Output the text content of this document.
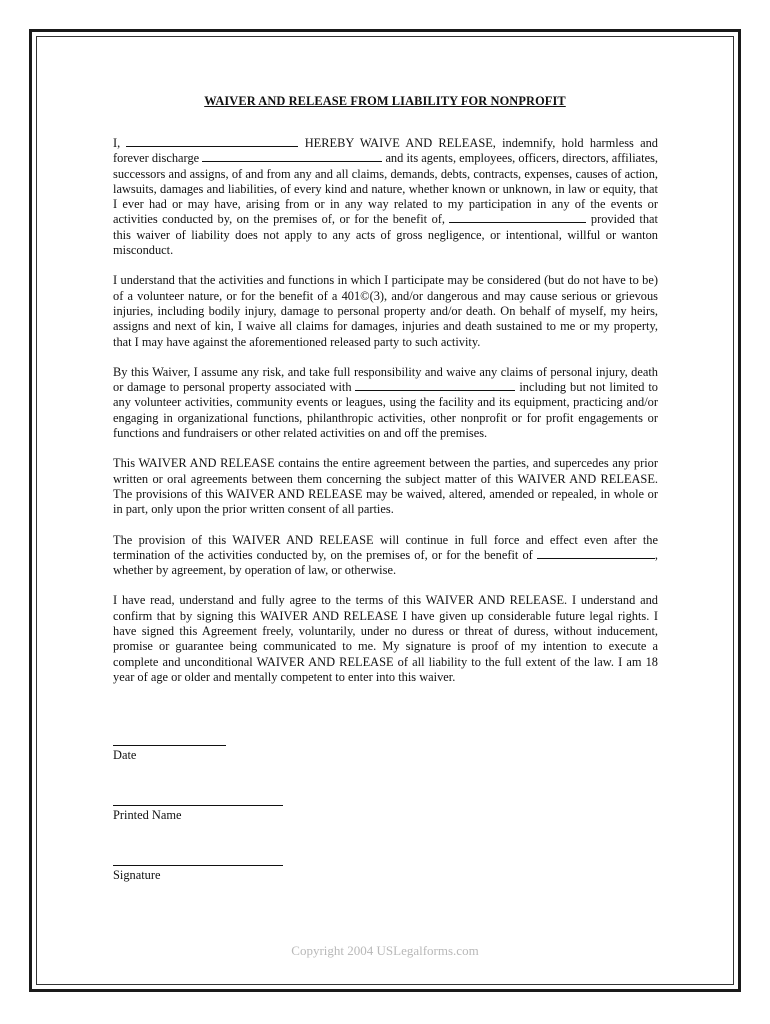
WAIVER AND RELEASE FROM LIABILITY FOR NONPROFIT

I,	HEREBY WAIVE AND RELEASE, indemnify, hold harmless and forever discharge	and its agents, employees, officers, directors, affiliates, successors and assigns, of and from any and all claims, demands, debts, contracts, expenses, causes of action, lawsuits, damages and liabilities, of every kind and nature, whether known or unknown, in law or equity, that I ever had or may have, arising from or in any way related to my participation in any of the events or activities conducted by, on the premises of, or for the benefit of,	provided that this waiver of liability does not apply to any acts of gross negligence, or intentional, willful or wanton misconduct.

I understand that the activities and functions in which I participate may be considered (but do not have to be) of a volunteer nature, or for the benefit of a 401©(3), and/or dangerous and may cause serious or grievous injuries, including bodily injury, damage to personal property and/or death. On behalf of myself, my heirs, assigns and next of kin, I waive all claims for damages, injuries and death sustained to me or my property, that I may have against the aforementioned released party to such activity.

By this Waiver, I assume any risk, and take full responsibility and waive any claims of personal injury, death or damage to personal property associated with	including but not limited to any volunteer activities, community events or leagues, using the facility and its equipment, practicing and/or engaging in organizational functions, philanthropic activities, other nonprofit or for profit engagements or functions and fundraisers or other related activities on and off the premises.

This WAIVER AND RELEASE contains the entire agreement between the parties, and supercedes any prior written or oral agreements between them concerning the subject matter of this WAIVER AND RELEASE. The provisions of this WAIVER AND RELEASE may be waived, altered, amended or repealed, in whole or in part, only upon the prior written consent of all parties.

The provision of this WAIVER AND RELEASE will continue in full force and effect even after the termination of the activities conducted by, on the premises of, or for the benefit of	, whether by agreement, by operation of law, or otherwise.

I have read, understand and fully agree to the terms of this WAIVER AND RELEASE. I understand and confirm that by signing this WAIVER AND RELEASE I have given up considerable future legal rights. I have signed this Agreement freely, voluntarily, under no duress or threat of duress, without inducement, promise or guarantee being communicated to me. My signature is proof of my intention to execute a complete and unconditional WAIVER AND RELEASE of all liability to the full extent of the law. I am 18 year of age or older and mentally competent to enter into this waiver.

Date
Printed Name
Signature
Copyright 2004 USLegalforms.com
